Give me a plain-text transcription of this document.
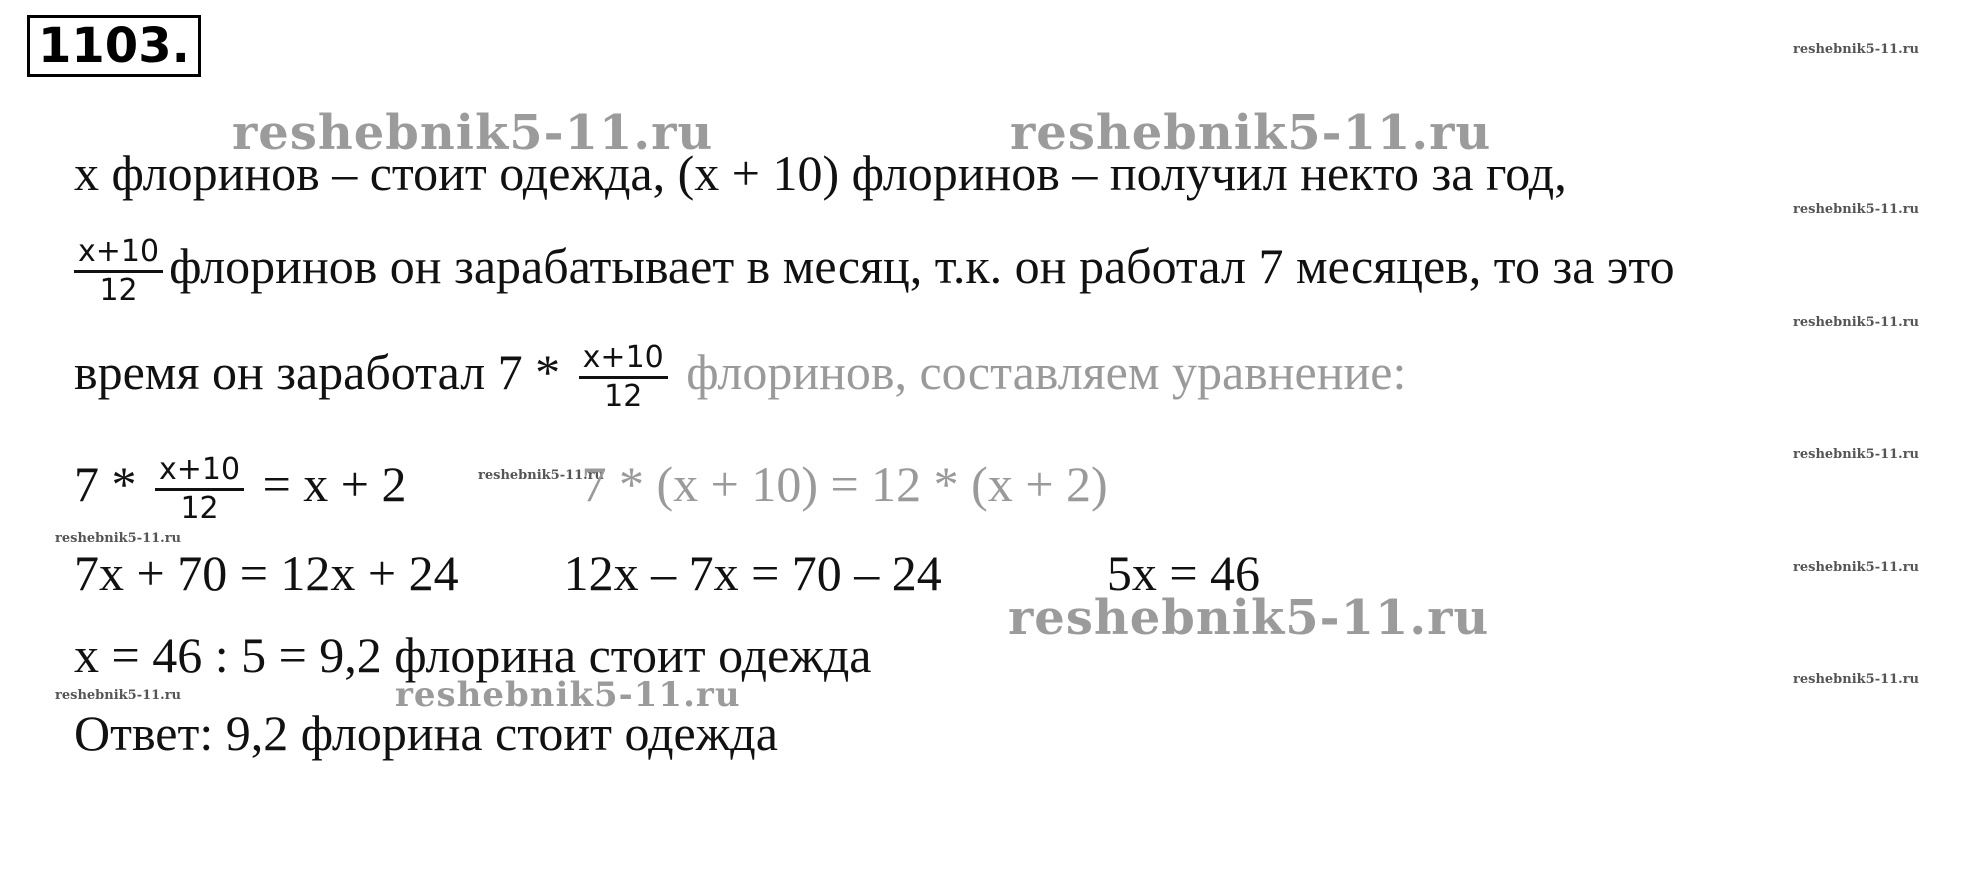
1103.
reshebnik5-11.ru	reshebnik5-11.ru
reshebnik5-11.ru
reshebnik5-11.ru
reshebnik5-11.ru
reshebnik5-11.ru
reshebnik5-11.ru
reshebnik5-11.ru
reshebnik5-11.ru
reshebnik5-11.ru
reshebnik5-11.ru
reshebnik5-11.ru
reshebnik5-11.ru
x флоринов – стоит одежда, (x + 10) флоринов – получил некто за год,
$\frac{x+10}{12}$ флоринов он зарабатывает в месяц, т.к. он работал 7 месяцев, то за это
время он заработал $7 * \frac{x+10}{12}$ флоринов, составляем уравнение:
$7 * \frac{x+10}{12} = x + 2$	7 * (x + 10) = 12 * (x + 2)
7x + 70 = 12x + 24 12x – 7x = 70 – 24	5x = 46
x = 46 : 5 = 9,2 флорина стоит одежда
Ответ: 9,2 флорина стоит одежда
